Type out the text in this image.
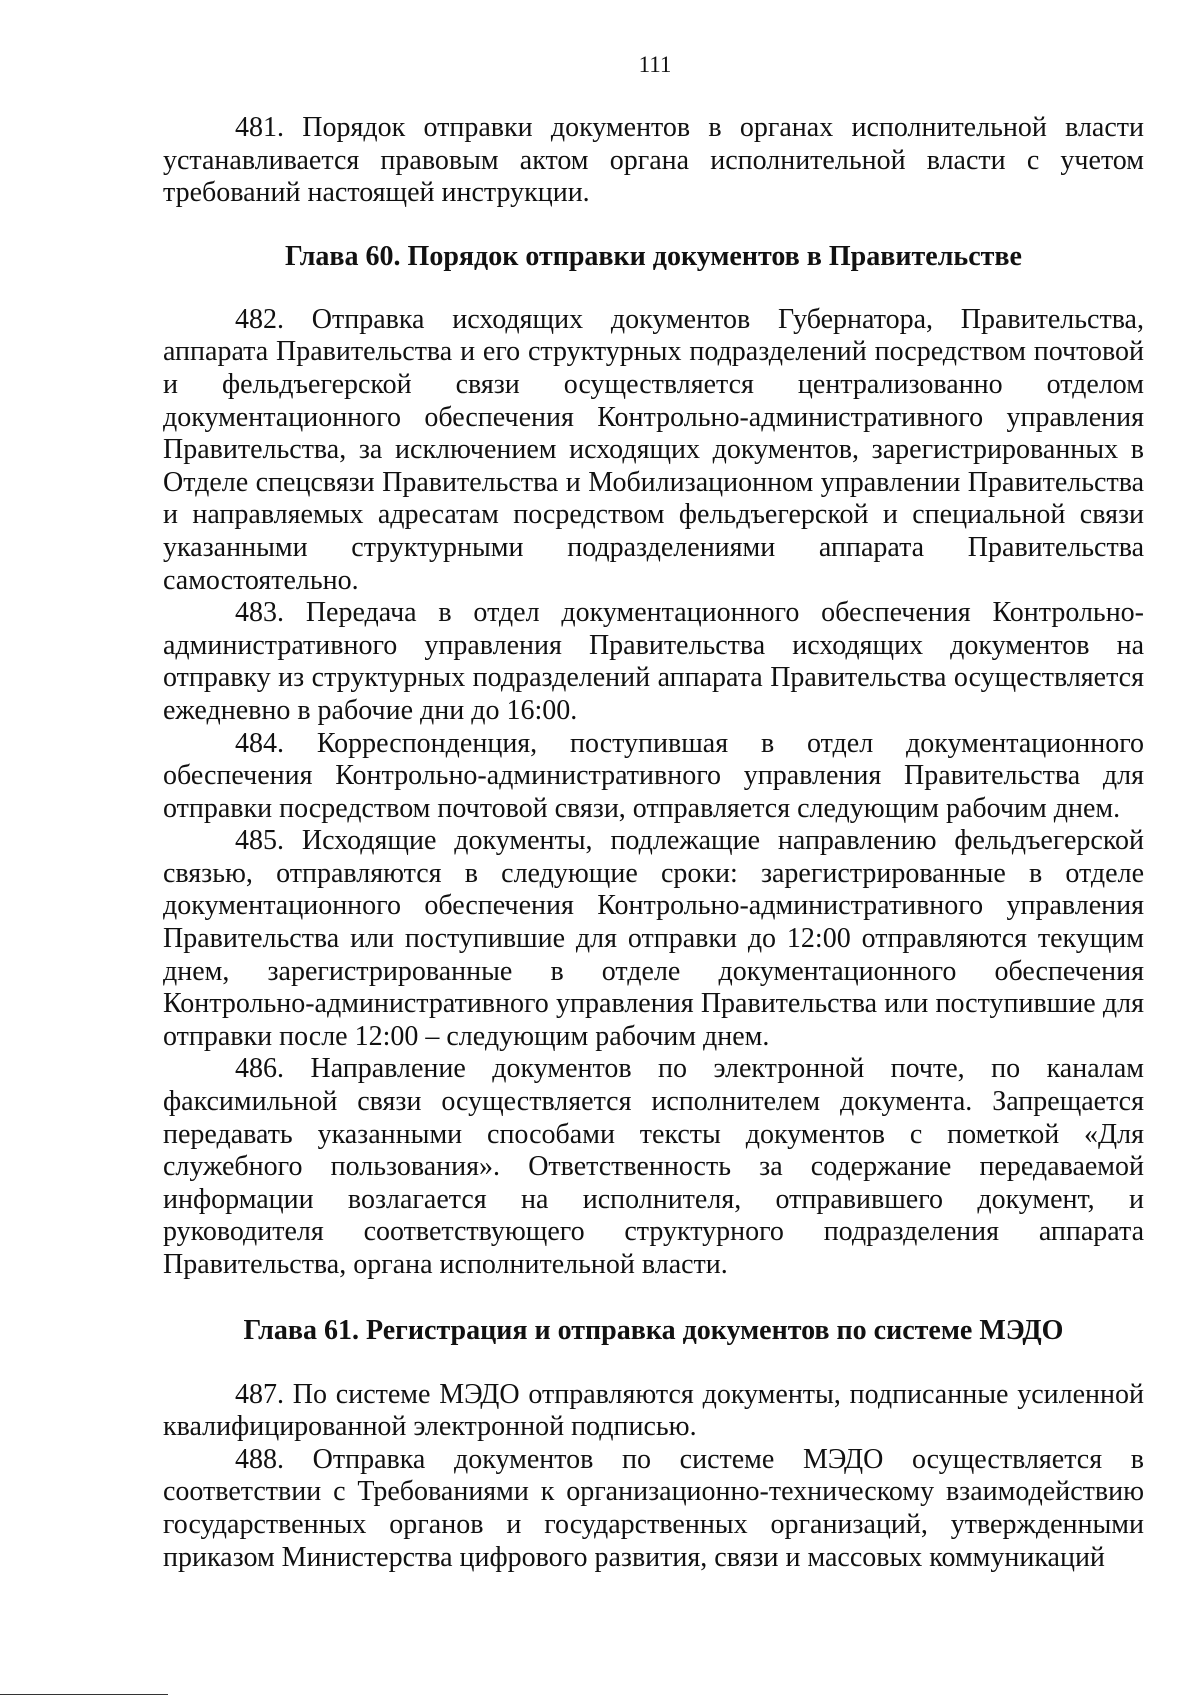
111

481. Порядок отправки документов в органах исполнительной власти устанавливается правовым актом органа исполнительной власти с учетом требований настоящей инструкции.

Глава 60. Порядок отправки документов в Правительстве

482. Отправка исходящих документов Губернатора, Правительства, аппарата Правительства и его структурных подразделений посредством почтовой и фельдъегерской связи осуществляется централизованно отделом документационного обеспечения Контрольно-административного управления Правительства, за исключением исходящих документов, зарегистрированных в Отделе спецсвязи Правительства и Мобилизационном управлении Правительства и направляемых адресатам посредством фельдъегерской и специальной связи указанными структурными подразделениями аппарата Правительства самостоятельно.

483. Передача в отдел документационного обеспечения Контрольно-административного управления Правительства исходящих документов на отправку из структурных подразделений аппарата Правительства осуществляется ежедневно в рабочие дни до 16:00.

484. Корреспонденция, поступившая в отдел документационного обеспечения Контрольно-административного управления Правительства для отправки посредством почтовой связи, отправляется следующим рабочим днем.

485. Исходящие документы, подлежащие направлению фельдъегерской связью, отправляются в следующие сроки: зарегистрированные в отделе документационного обеспечения Контрольно-административного управления Правительства или поступившие для отправки до 12:00 отправляются текущим днем, зарегистрированные в отделе документационного обеспечения Контрольно-административного управления Правительства или поступившие для отправки после 12:00 – следующим рабочим днем.

486. Направление документов по электронной почте, по каналам факсимильной связи осуществляется исполнителем документа. Запрещается передавать указанными способами тексты документов с пометкой «Для служебного пользования». Ответственность за содержание передаваемой информации возлагается на исполнителя, отправившего документ, и руководителя соответствующего структурного подразделения аппарата Правительства, органа исполнительной власти.

Глава 61. Регистрация и отправка документов по системе МЭДО

487. По системе МЭДО отправляются документы, подписанные усиленной квалифицированной электронной подписью.

488. Отправка документов по системе МЭДО осуществляется в соответствии с Требованиями к организационно-техническому взаимодействию государственных органов и государственных организаций, утвержденными приказом Министерства цифрового развития, связи и массовых коммуникаций
